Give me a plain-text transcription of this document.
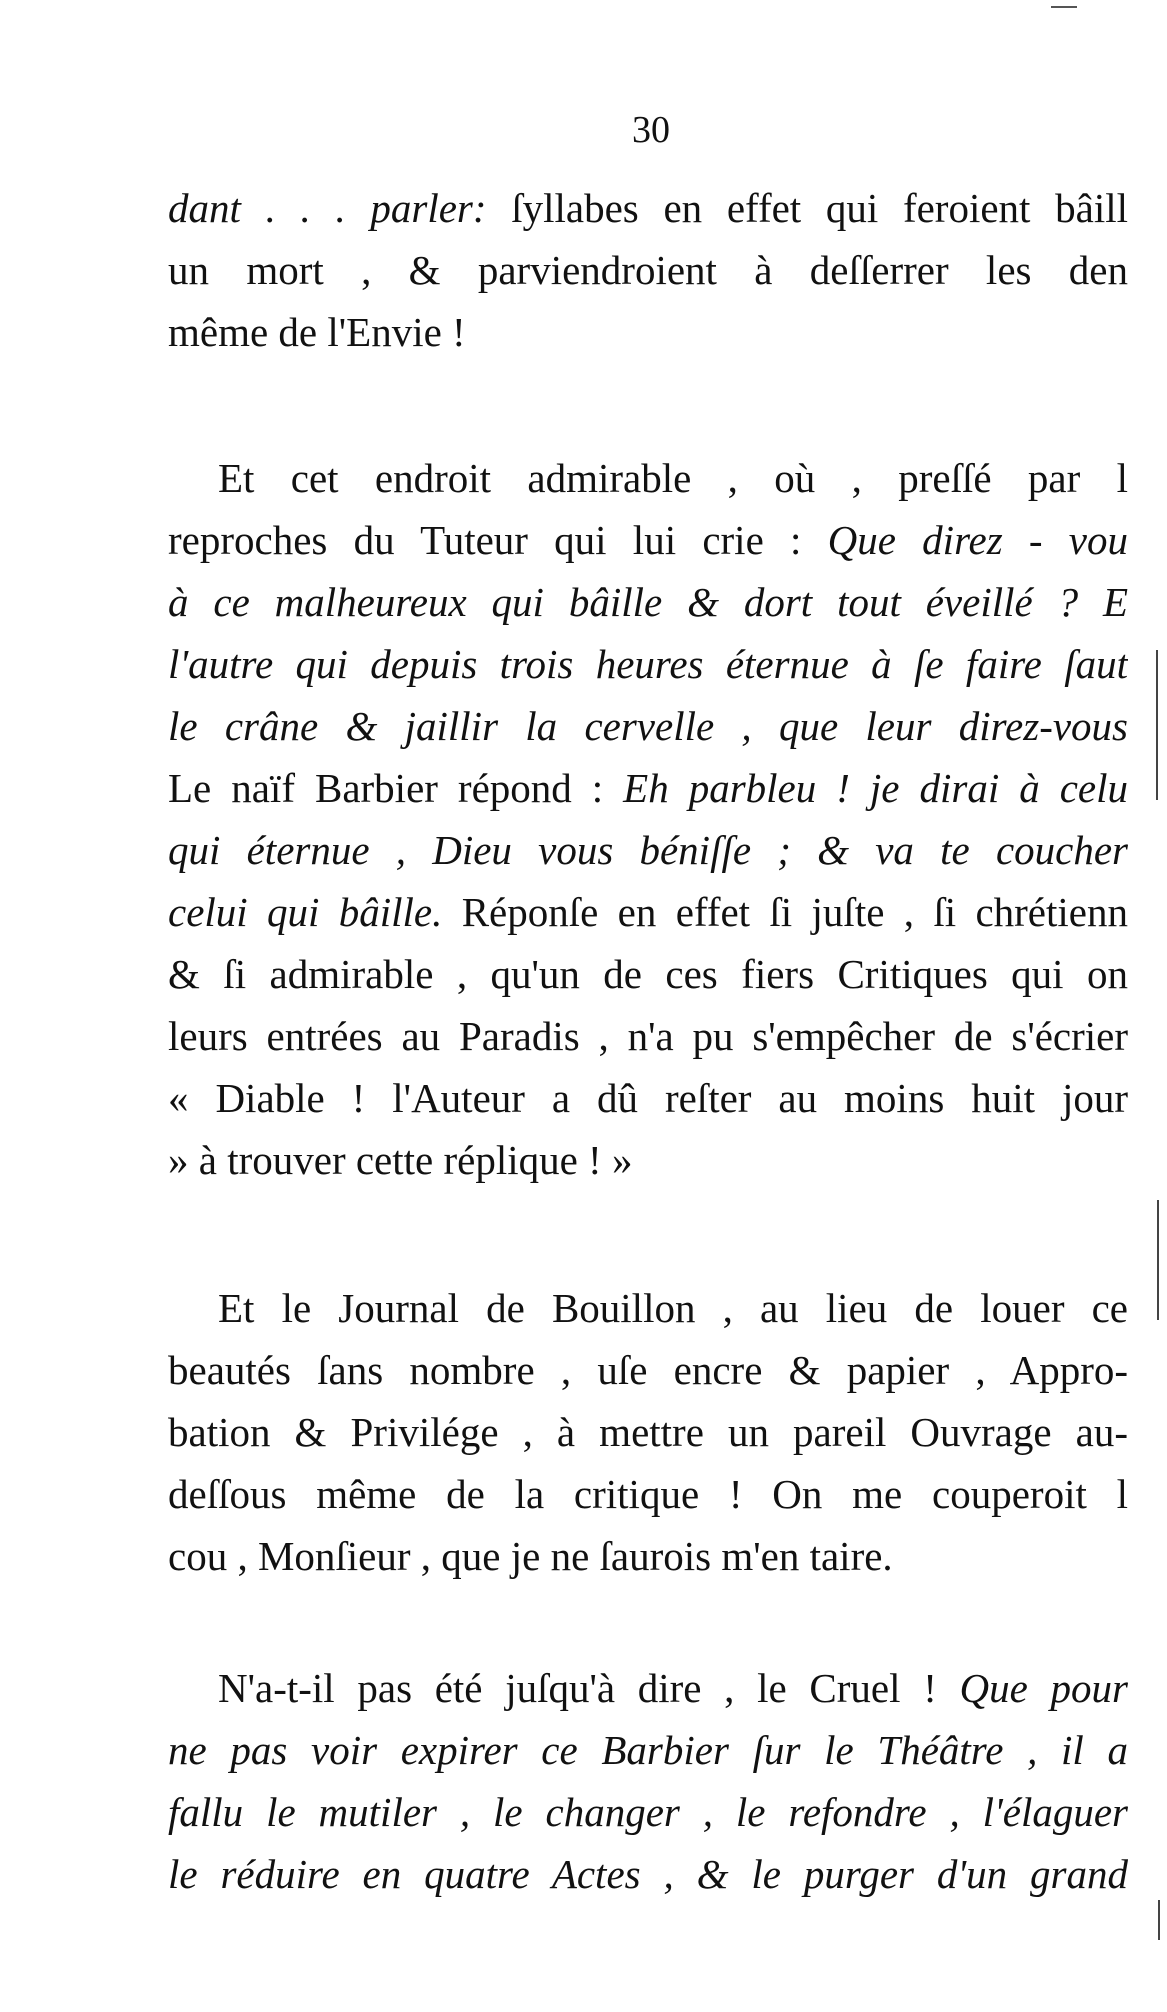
30
dant . . . parler: ſyllabes en effet qui feroient bâill
un mort , & parviendroient à deſſerrer les den
même de l'Envie !
Et cet endroit admirable , où , preſſé par l
reproches du Tuteur qui lui crie : Que direz - vou
à ce malheureux qui bâille & dort tout éveillé ? E
l'autre qui depuis trois heures éternue à ſe faire ſaut
le crâne & jaillir la cervelle , que leur direz-vous
Le naïf Barbier répond : Eh parbleu ! je dirai à celu
qui éternue , Dieu vous béniſſe ; & va te coucher
celui qui bâille. Réponſe en effet ſi juſte , ſi chrétienn
& ſi admirable , qu'un de ces fiers Critiques qui on
leurs entrées au Paradis , n'a pu s'empêcher de s'écrier
« Diable ! l'Auteur a dû reſter au moins huit jour
» à trouver cette réplique ! »
Et le Journal de Bouillon , au lieu de louer ce
beautés ſans nombre , uſe encre & papier , Appro-
bation & Privilége , à mettre un pareil Ouvrage au-
deſſous même de la critique ! On me couperoit l
cou , Monſieur , que je ne ſaurois m'en taire.
N'a-t-il pas été juſqu'à dire , le Cruel ! Que pour
ne pas voir expirer ce Barbier ſur le Théâtre , il a
fallu le mutiler , le changer , le refondre , l'élaguer
le réduire en quatre Actes , & le purger d'un grand
